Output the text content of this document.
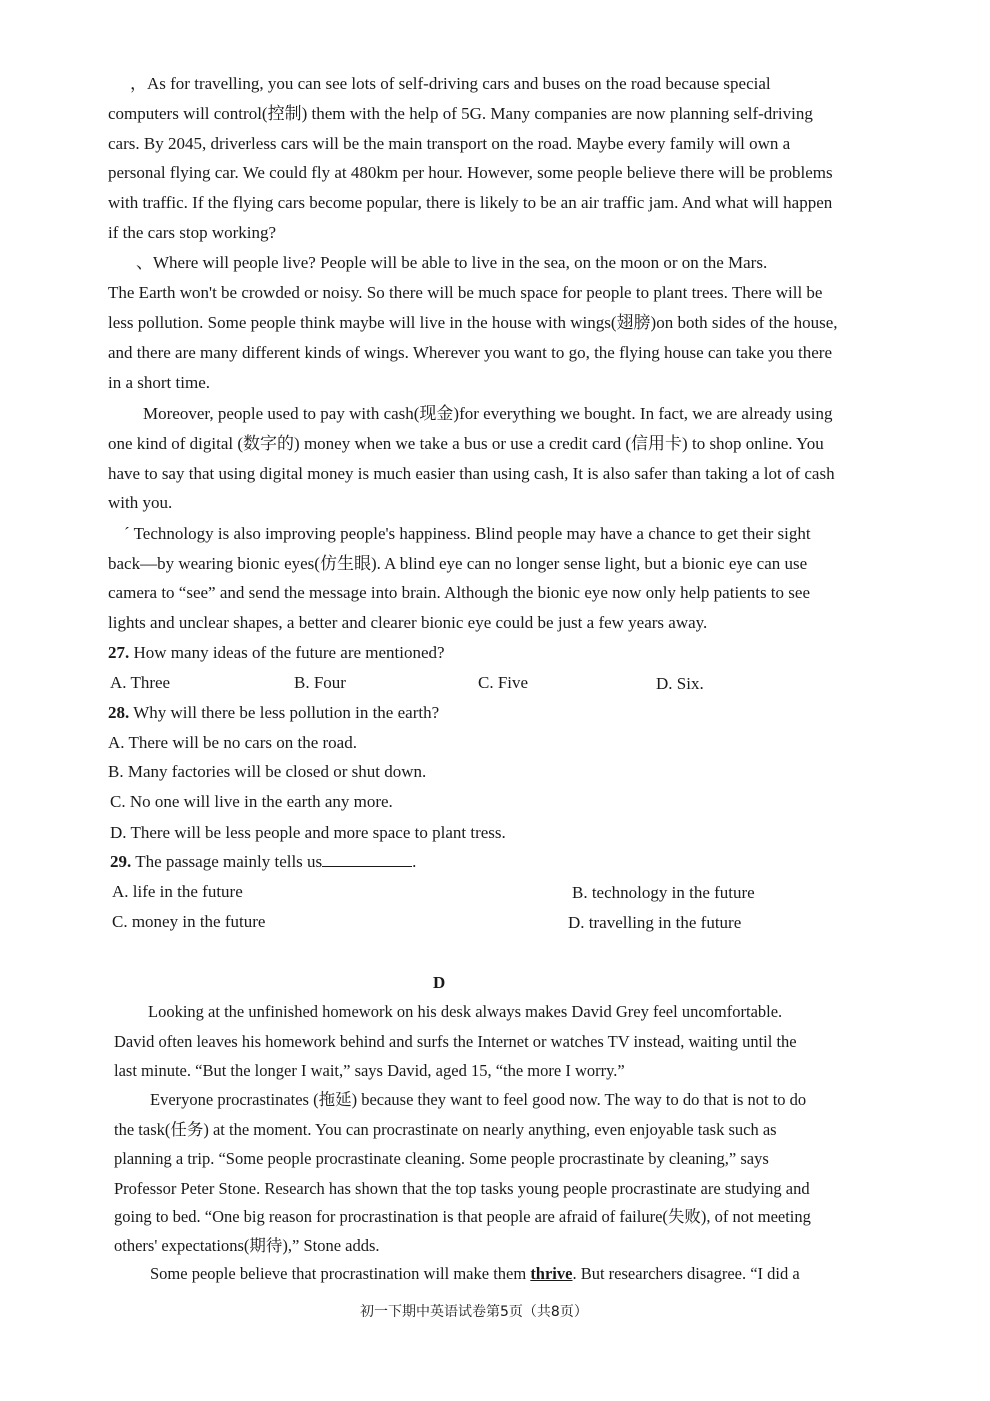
，As for travelling, you can see lots of self-driving cars and buses on the road because special
computers will control(控制) them with the help of 5G. Many companies are now planning self-driving
cars. By 2045, driverless cars will be the main transport on the road. Maybe every family will own a
personal flying car. We could fly at 480km per hour. However, some people believe there will be problems
with traffic. If the flying cars become popular, there is likely to be an air traffic jam. And what will happen
if the cars stop working?
、Where will people live? People will be able to live in the sea, on the moon or on the Mars.
The Earth won't be crowded or noisy. So there will be much space for people to plant trees. There will be
less pollution. Some people think maybe will live in the house with wings(翅膀)on both sides of the house,
and there are many different kinds of wings. Wherever you want to go, the flying house can take you there
in a short time.
Moreover, people used to pay with cash(现金)for everything we bought. In fact, we are already using
one kind of digital (数字的) money when we take a bus or use a credit card (信用卡) to shop online. You
have to say that using digital money is much easier than using cash, It is also safer than taking a lot of cash
with you.
´ Technology is also improving people's happiness. Blind people may have a chance to get their sight
back—by wearing bionic eyes(仿生眼). A blind eye can no longer sense light, but a bionic eye can use
camera to “see” and send the message into brain. Although the bionic eye now only help patients to see
lights and unclear shapes, a better and clearer bionic eye could be just a few years away.
27. How many ideas of the future are mentioned?
A. Three	B. Four	C. Five	D. Six.
28. Why will there be less pollution in the earth?
A. There will be no cars on the road.
B. Many factories will be closed or shut down.
C. No one will live in the earth any more.
D. There will be less people and more space to plant tress.
29. The passage mainly tells us	.
A. life in the future	B. technology in the future
C. money in the future	D. travelling in the future
D
Looking at the unfinished homework on his desk always makes David Grey feel uncomfortable.
David often leaves his homework behind and surfs the Internet or watches TV instead, waiting until the
last minute. “But the longer I wait,” says David, aged 15, “the more I worry.”
Everyone procrastinates (拖延) because they want to feel good now. The way to do that is not to do
the task(任务) at the moment. You can procrastinate on nearly anything, even enjoyable task such as
planning a trip. “Some people procrastinate cleaning. Some people procrastinate by cleaning,” says
Professor Peter Stone. Research has shown that the top tasks young people procrastinate are studying and
going to bed. “One big reason for procrastination is that people are afraid of failure(失败), of not meeting
others' expectations(期待),” Stone adds.
Some people believe that procrastination will make them thrive. But researchers disagree. “I did a
初一下期中英语试卷第5页（共8页）
